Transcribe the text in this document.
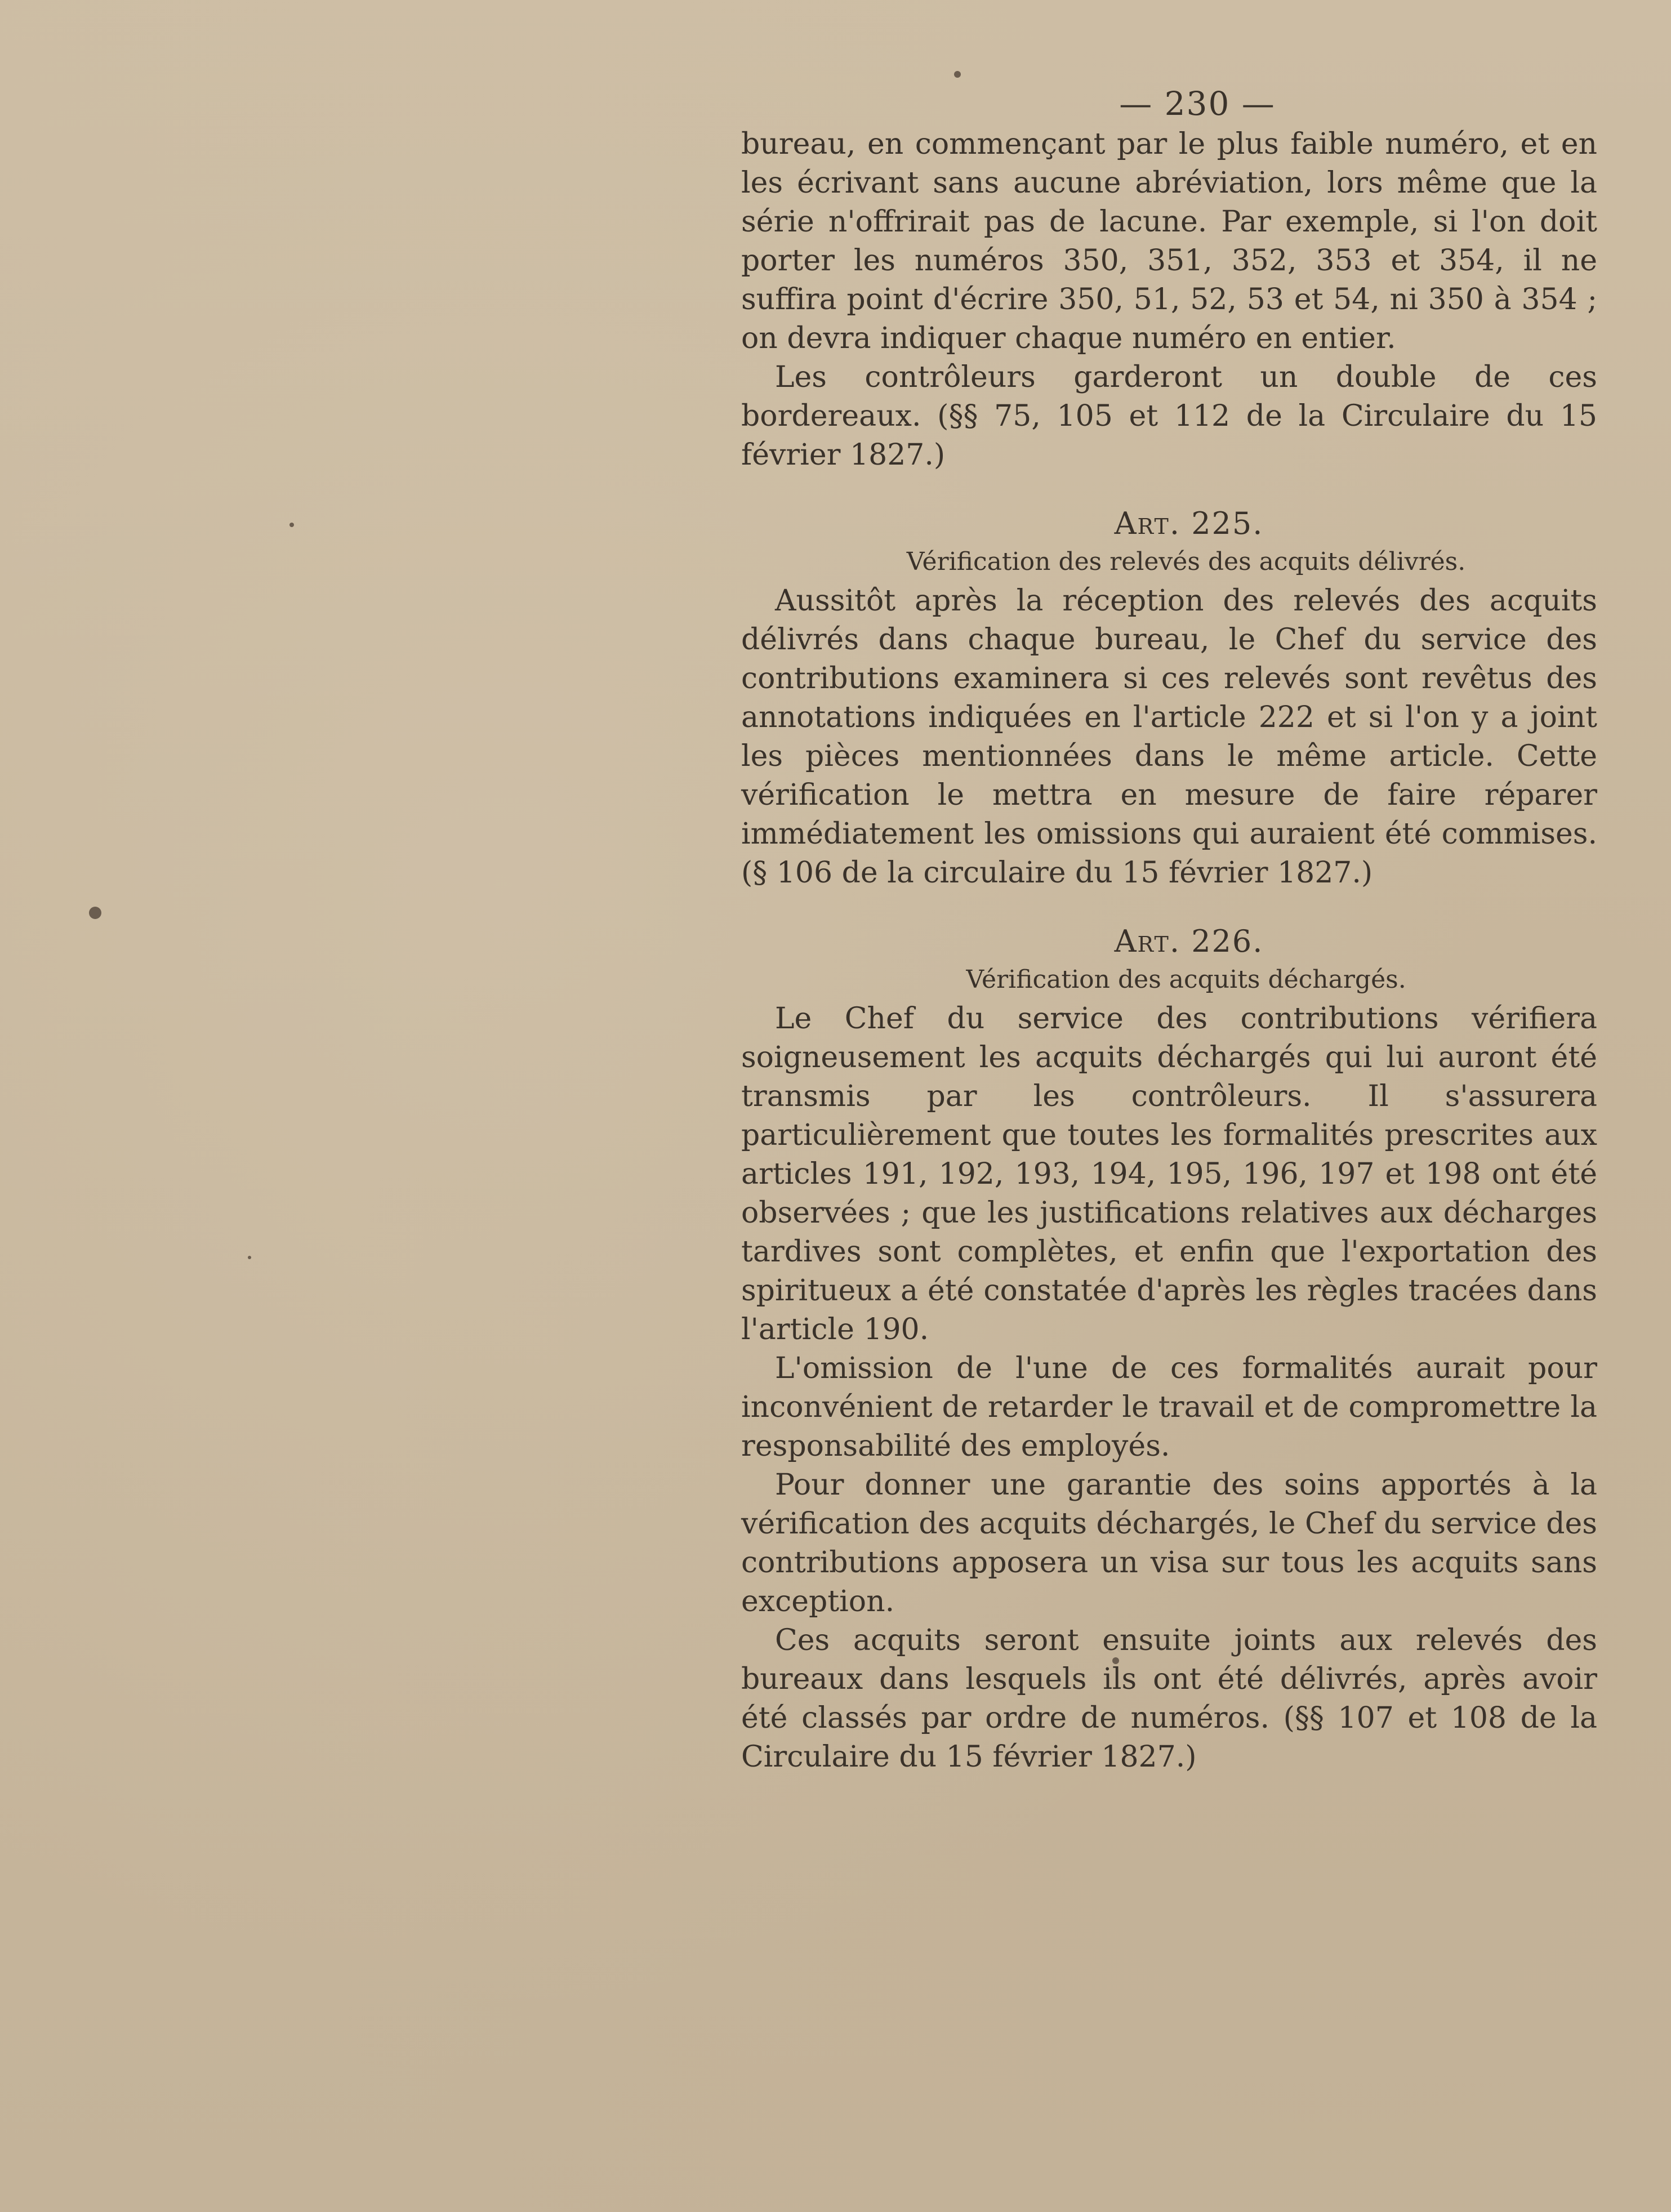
— 230 —

bureau, en commençant par le plus faible numéro, et en les écrivant sans aucune abréviation, lors même que la série n'offrirait pas de lacune. Par exemple, si l'on doit porter les numéros 350, 351, 352, 353 et 354, il ne suffira point d'écrire 350, 51, 52, 53 et 54, ni 350 à 354 ; on devra indiquer chaque numéro en entier.

Les contrôleurs garderont un double de ces bordereaux. (§§ 75, 105 et 112 de la Circulaire du 15 février 1827.)

Art. 225.
Vérification des relevés des acquits délivrés.

Aussitôt après la réception des relevés des acquits délivrés dans chaque bureau, le Chef du service des contributions examinera si ces relevés sont revêtus des annotations indiquées en l'article 222 et si l'on y a joint les pièces mentionnées dans le même article. Cette vérification le mettra en mesure de faire réparer immédiatement les omissions qui auraient été commises. (§ 106 de la circulaire du 15 février 1827.)

Art. 226.
Vérification des acquits déchargés.

Le Chef du service des contributions vérifiera soigneusement les acquits déchargés qui lui auront été transmis par les contrôleurs. Il s'assurera particulièrement que toutes les formalités prescrites aux articles 191, 192, 193, 194, 195, 196, 197 et 198 ont été observées ; que les justifications relatives aux décharges tardives sont complètes, et enfin que l'exportation des spiritueux a été constatée d'après les règles tracées dans l'article 190.

L'omission de l'une de ces formalités aurait pour inconvénient de retarder le travail et de compromettre la responsabilité des employés.

Pour donner une garantie des soins apportés à la vérification des acquits déchargés, le Chef du service des contributions apposera un visa sur tous les acquits sans exception.

Ces acquits seront ensuite joints aux relevés des bureaux dans lesquels ils ont été délivrés, après avoir été classés par ordre de numéros. (§§ 107 et 108 de la Circulaire du 15 février 1827.)
